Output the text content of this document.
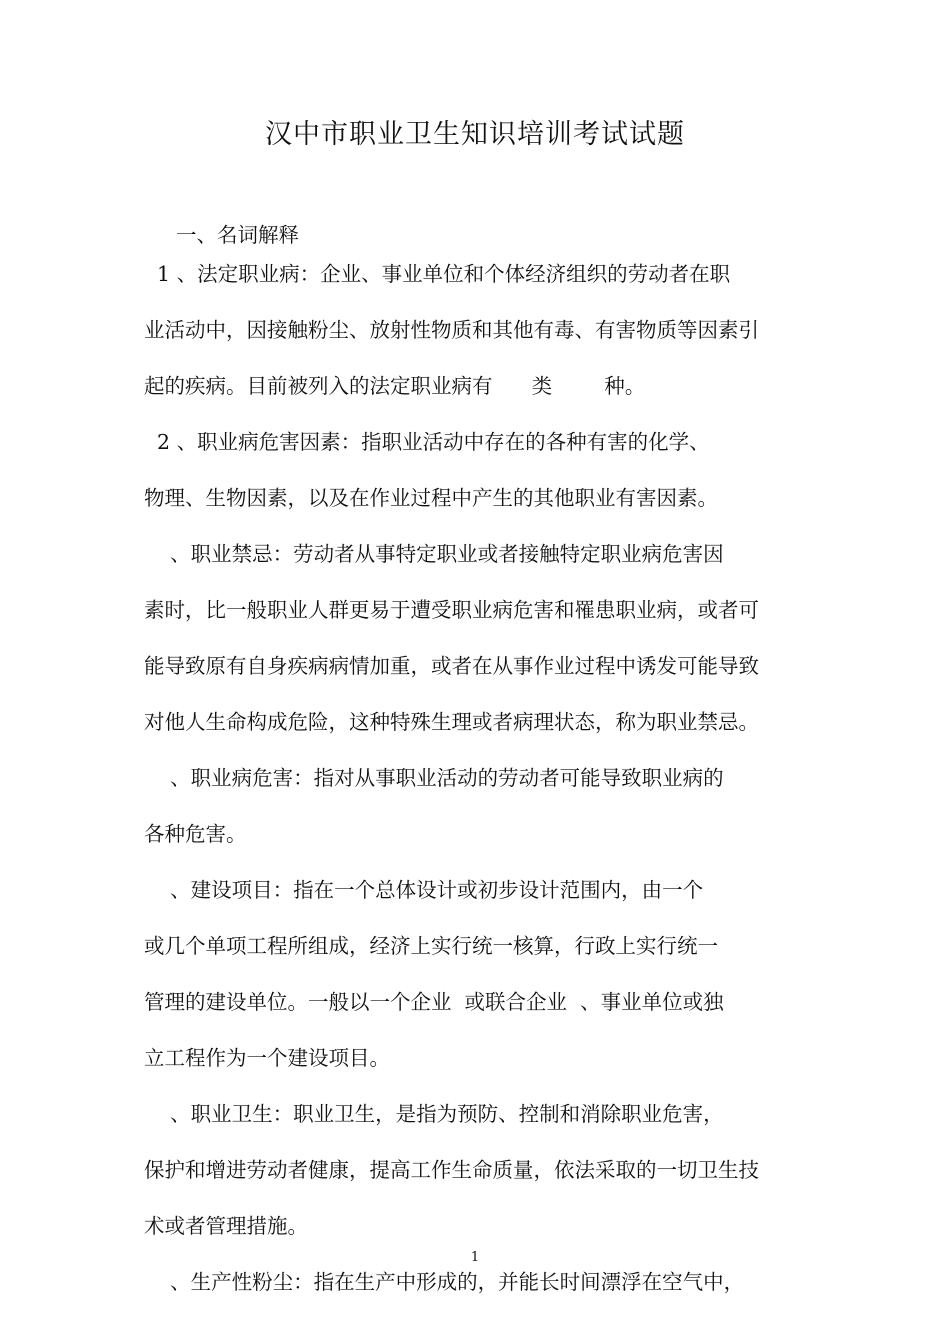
汉中市职业卫生知识培训考试试题
一、名词解释
1 、法定职业病：企业、事业单位和个体经济组织的劳动者在职
业活动中，因接触粉尘、放射性物质和其他有毒、有害物质等因素引
起的疾病。目前被列入的法定职业病有      类        种。
2 、职业病危害因素：指职业活动中存在的各种有害的化学、
物理、生物因素，以及在作业过程中产生的其他职业有害因素。
、职业禁忌：劳动者从事特定职业或者接触特定职业病危害因
素时，比一般职业人群更易于遭受职业病危害和罹患职业病，或者可
能导致原有自身疾病病情加重，或者在从事作业过程中诱发可能导致
对他人生命构成危险，这种特殊生理或者病理状态，称为职业禁忌。
、职业病危害：指对从事职业活动的劳动者可能导致职业病的
各种危害。
、建设项目：指在一个总体设计或初步设计范围内，由一个
或几个单项工程所组成，经济上实行统一核算，行政上实行统一
管理的建设单位。一般以一个企业  或联合企业  、事业单位或独
立工程作为一个建设项目。
、职业卫生：职业卫生，是指为预防、控制和消除职业危害，
保护和增进劳动者健康，提高工作生命质量，依法采取的一切卫生技
术或者管理措施。
、生产性粉尘：指在生产中形成的，并能长时间漂浮在空气中，
1
